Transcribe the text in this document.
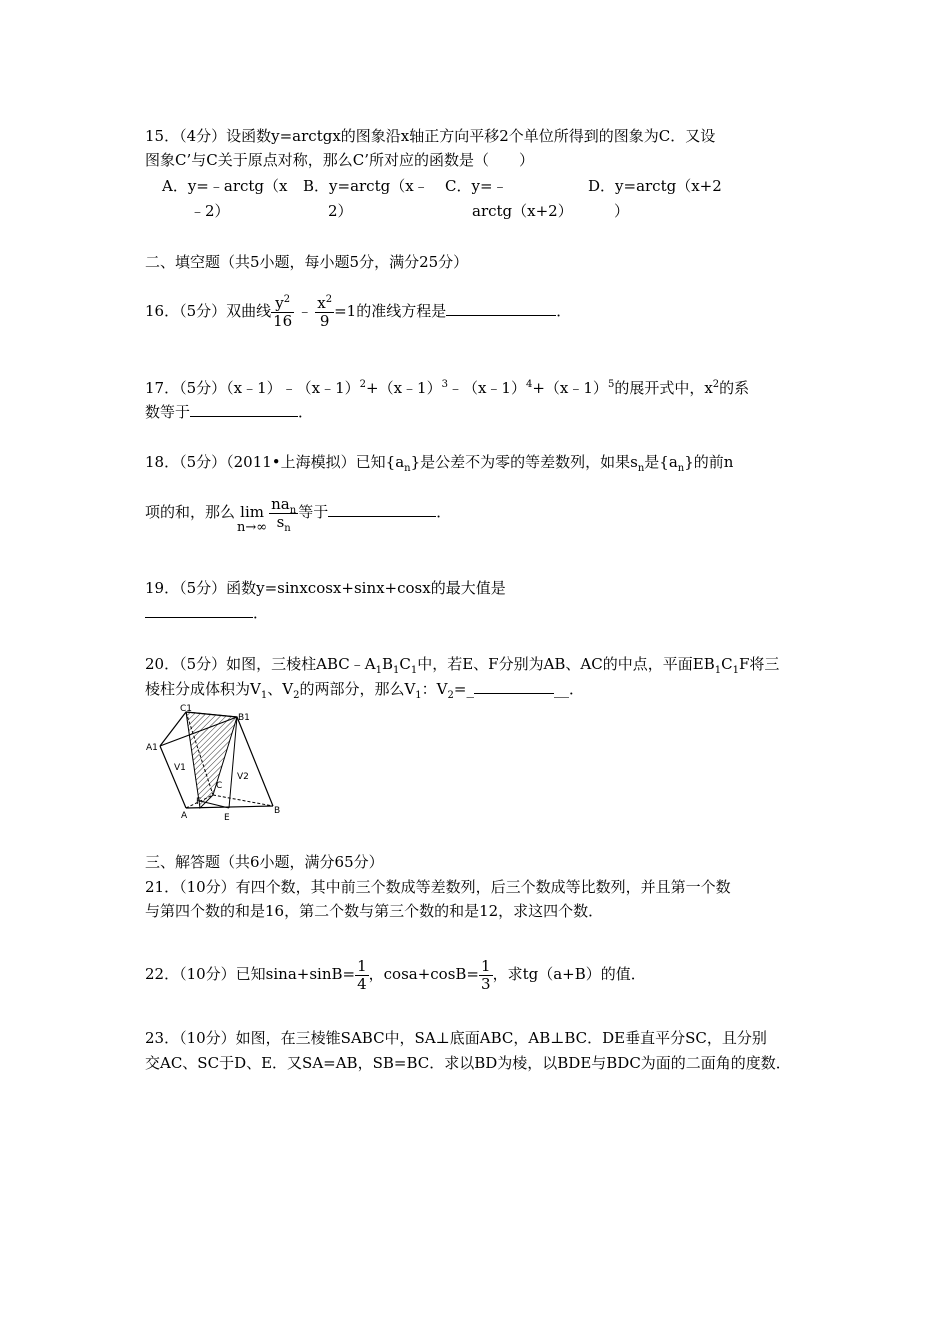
15．（4分）设函数y=arctgx的图象沿x轴正方向平移2个单位所得到的图象为C．又设
图象C’与C关于原点对称，那么C’所对应的函数是（　　）
A．y=﹣arctg（x
﹣2）
B．y=arctg（x﹣
2）
C．y=﹣
arctg（x+2）
D．y=arctg（x+2
）
二、填空题（共5小题，每小题5分，满分25分）
16．（5分）双曲线 $\frac{y^2}{16}$ ﹣ $\frac{x^2}{9} =1$的准线方程是	．
17．（5分）（x﹣1）﹣（x﹣1）$^2$+（x﹣1）$^3$﹣（x﹣1）$^4$+（x﹣1）$^5$的展开式中，$x^2$的系
数等于	．
18．（5分）（2011•上海模拟）已知$\{a_n\}$是公差不为零的等差数列，如果$s_n$是$\{a_n\}$的前n
项的和，那么 lim
$n\to\infty \frac{na_n}{s_n}$ 等于	．
19．（5分）函数y=sinxcosx+sinx+cosx的最大值是
．
20．（5分）如图，三棱柱$ABC﹣A_1B_1C_1$中，若E、F分别为AB、AC的中点，平面$EB_1C_1F$将三
棱柱分成体积为$V_1$、$V_2$的两部分，那么$V_1$：$V_2=\_$	__．
C1
A1
B1
V1
V2
C
F
A	E
B
三、解答题（共6小题，满分65分）
21．（10分）有四个数，其中前三个数成等差数列，后三个数成等比数列，并且第一个数
与第四个数的和是16，第二个数与第三个数的和是12，求这四个数．
22．（10分）已知$\sin a+\sin B= \frac{1}{4}$ ，$\cos a+\cos B= \frac{1}{3}$ ，求tg（a+B）的值．
23．（10分）如图，在三棱锥SABC中，SA⊥底面ABC，AB⊥BC．DE垂直平分SC，且分别
交AC、SC于D、E．又SA=AB，SB=BC．求以BD为棱，以BDE与BDC为面的二面角的度数．
